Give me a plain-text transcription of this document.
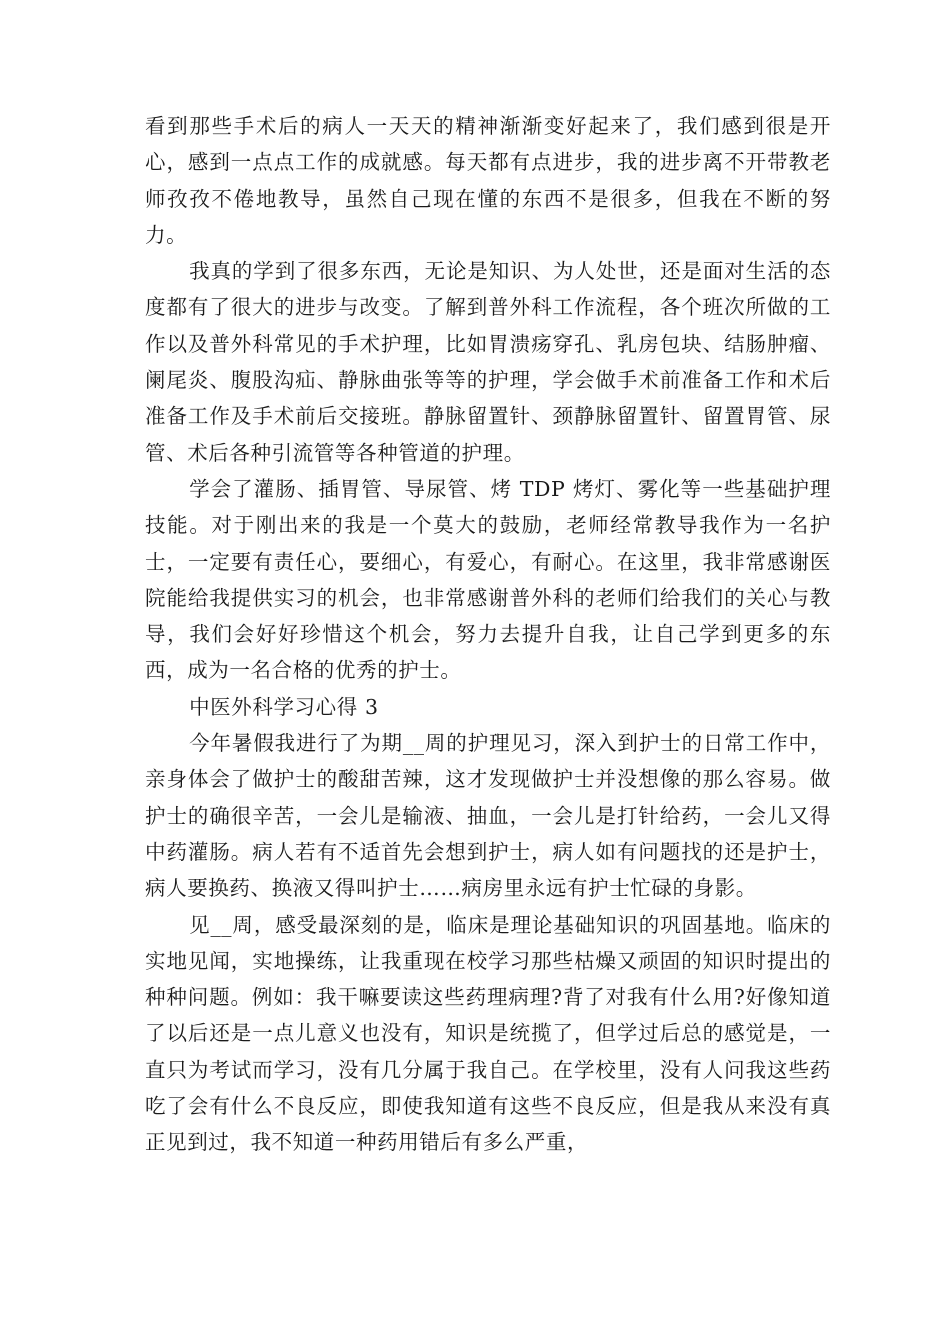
看到那些手术后的病人一天天的精神渐渐变好起来了，我们感到很是开心，感到一点点工作的成就感。每天都有点进步，我的进步离不开带教老师孜孜不倦地教导，虽然自己现在懂的东西不是很多，但我在不断的努力。

我真的学到了很多东西，无论是知识、为人处世，还是面对生活的态度都有了很大的进步与改变。了解到普外科工作流程，各个班次所做的工作以及普外科常见的手术护理，比如胃溃疡穿孔、乳房包块、结肠肿瘤、阑尾炎、腹股沟疝、静脉曲张等等的护理，学会做手术前准备工作和术后准备工作及手术前后交接班。静脉留置针、颈静脉留置针、留置胃管、尿管、术后各种引流管等各种管道的护理。

学会了灌肠、插胃管、导尿管、烤 TDP 烤灯、雾化等一些基础护理技能。对于刚出来的我是一个莫大的鼓励，老师经常教导我作为一名护士，一定要有责任心，要细心，有爱心，有耐心。在这里，我非常感谢医院能给我提供实习的机会，也非常感谢普外科的老师们给我们的关心与教导，我们会好好珍惜这个机会，努力去提升自我，让自己学到更多的东西，成为一名合格的优秀的护士。

中医外科学习心得 3

今年暑假我进行了为期__周的护理见习，深入到护士的日常工作中，亲身体会了做护士的酸甜苦辣，这才发现做护士并没想像的那么容易。做护士的确很辛苦，一会儿是输液、抽血，一会儿是打针给药，一会儿又得中药灌肠。病人若有不适首先会想到护士，病人如有问题找的还是护士，病人要换药、换液又得叫护士……病房里永远有护士忙碌的身影。

见__周，感受最深刻的是，临床是理论基础知识的巩固基地。临床的实地见闻，实地操练，让我重现在校学习那些枯燥又顽固的知识时提出的种种问题。例如：我干嘛要读这些药理病理?背了对我有什么用?好像知道了以后还是一点儿意义也没有，知识是统揽了，但学过后总的感觉是，一直只为考试而学习，没有几分属于我自己。在学校里，没有人问我这些药吃了会有什么不良反应，即使我知道有这些不良反应，但是我从来没有真正见到过，我不知道一种药用错后有多么严重，
